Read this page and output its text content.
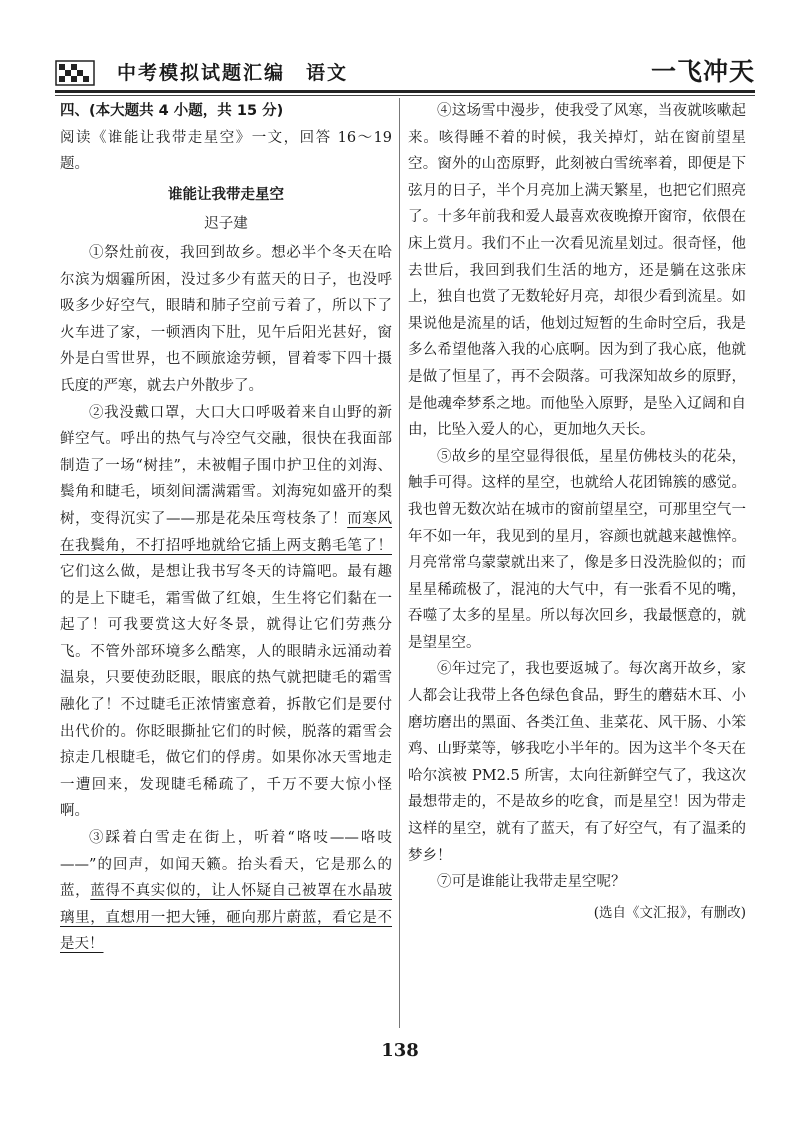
中考模拟试题汇编　语文	一飞冲天

四、(本大题共 4 小题，共 15 分)

阅读《谁能让我带走星空》一文，回答 16～19 题。

谁能让我带走星空
迟子建

①祭灶前夜，我回到故乡。想必半个冬天在哈尔滨为烟霾所困，没过多少有蓝天的日子，也没呼吸多少好空气，眼睛和肺子空前亏着了，所以下了火车进了家，一顿酒肉下肚，见午后阳光甚好，窗外是白雪世界，也不顾旅途劳顿，冒着零下四十摄氏度的严寒，就去户外散步了。

②我没戴口罩，大口大口呼吸着来自山野的新鲜空气。呼出的热气与冷空气交融，很快在我面部制造了一场“树挂”，未被帽子围巾护卫住的刘海、鬓角和睫毛，顷刻间濡满霜雪。刘海宛如盛开的梨树，变得沉实了——那是花朵压弯枝条了！而寒风在我鬓角，不打招呼地就给它插上两支鹅毛笔了！它们这么做，是想让我书写冬天的诗篇吧。最有趣的是上下睫毛，霜雪做了红娘，生生将它们黏在一起了！可我要赏这大好冬景，就得让它们劳燕分飞。不管外部环境多么酷寒，人的眼睛永远涌动着温泉，只要使劲眨眼，眼底的热气就把睫毛的霜雪融化了！不过睫毛正浓情蜜意着，拆散它们是要付出代价的。你眨眼撕扯它们的时候，脱落的霜雪会掠走几根睫毛，做它们的俘虏。如果你冰天雪地走一遭回来，发现睫毛稀疏了，千万不要大惊小怪啊。

③踩着白雪走在街上，听着“咯吱——咯吱——”的回声，如闻天籁。抬头看天，它是那么的蓝，蓝得不真实似的，让人怀疑自己被罩在水晶玻璃里，直想用一把大锤，砸向那片蔚蓝，看它是不是天！

④这场雪中漫步，使我受了风寒，当夜就咳嗽起来。咳得睡不着的时候，我关掉灯，站在窗前望星空。窗外的山峦原野，此刻被白雪统率着，即便是下弦月的日子，半个月亮加上满天繁星，也把它们照亮了。十多年前我和爱人最喜欢夜晚撩开窗帘，依偎在床上赏月。我们不止一次看见流星划过。很奇怪，他去世后，我回到我们生活的地方，还是躺在这张床上，独自也赏了无数轮好月亮，却很少看到流星。如果说他是流星的话，他划过短暂的生命时空后，我是多么希望他落入我的心底啊。因为到了我心底，他就是做了恒星了，再不会陨落。可我深知故乡的原野，是他魂牵梦系之地。而他坠入原野，是坠入辽阔和自由，比坠入爱人的心，更加地久天长。

⑤故乡的星空显得很低，星星仿佛枝头的花朵，触手可得。这样的星空，也就给人花团锦簇的感觉。我也曾无数次站在城市的窗前望星空，可那里空气一年不如一年，我见到的星月，容颜也就越来越憔悴。月亮常常乌蒙蒙就出来了，像是多日没洗脸似的；而星星稀疏极了，混沌的大气中，有一张看不见的嘴，吞噬了太多的星星。所以每次回乡，我最惬意的，就是望星空。

⑥年过完了，我也要返城了。每次离开故乡，家人都会让我带上各色绿色食品，野生的蘑菇木耳、小磨坊磨出的黑面、各类江鱼、韭菜花、风干肠、小笨鸡、山野菜等，够我吃小半年的。因为这半个冬天在哈尔滨被 PM2.5 所害，太向往新鲜空气了，我这次最想带走的，不是故乡的吃食，而是星空！因为带走这样的星空，就有了蓝天，有了好空气，有了温柔的梦乡！

⑦可是谁能让我带走星空呢？

(选自《文汇报》，有删改)
138
